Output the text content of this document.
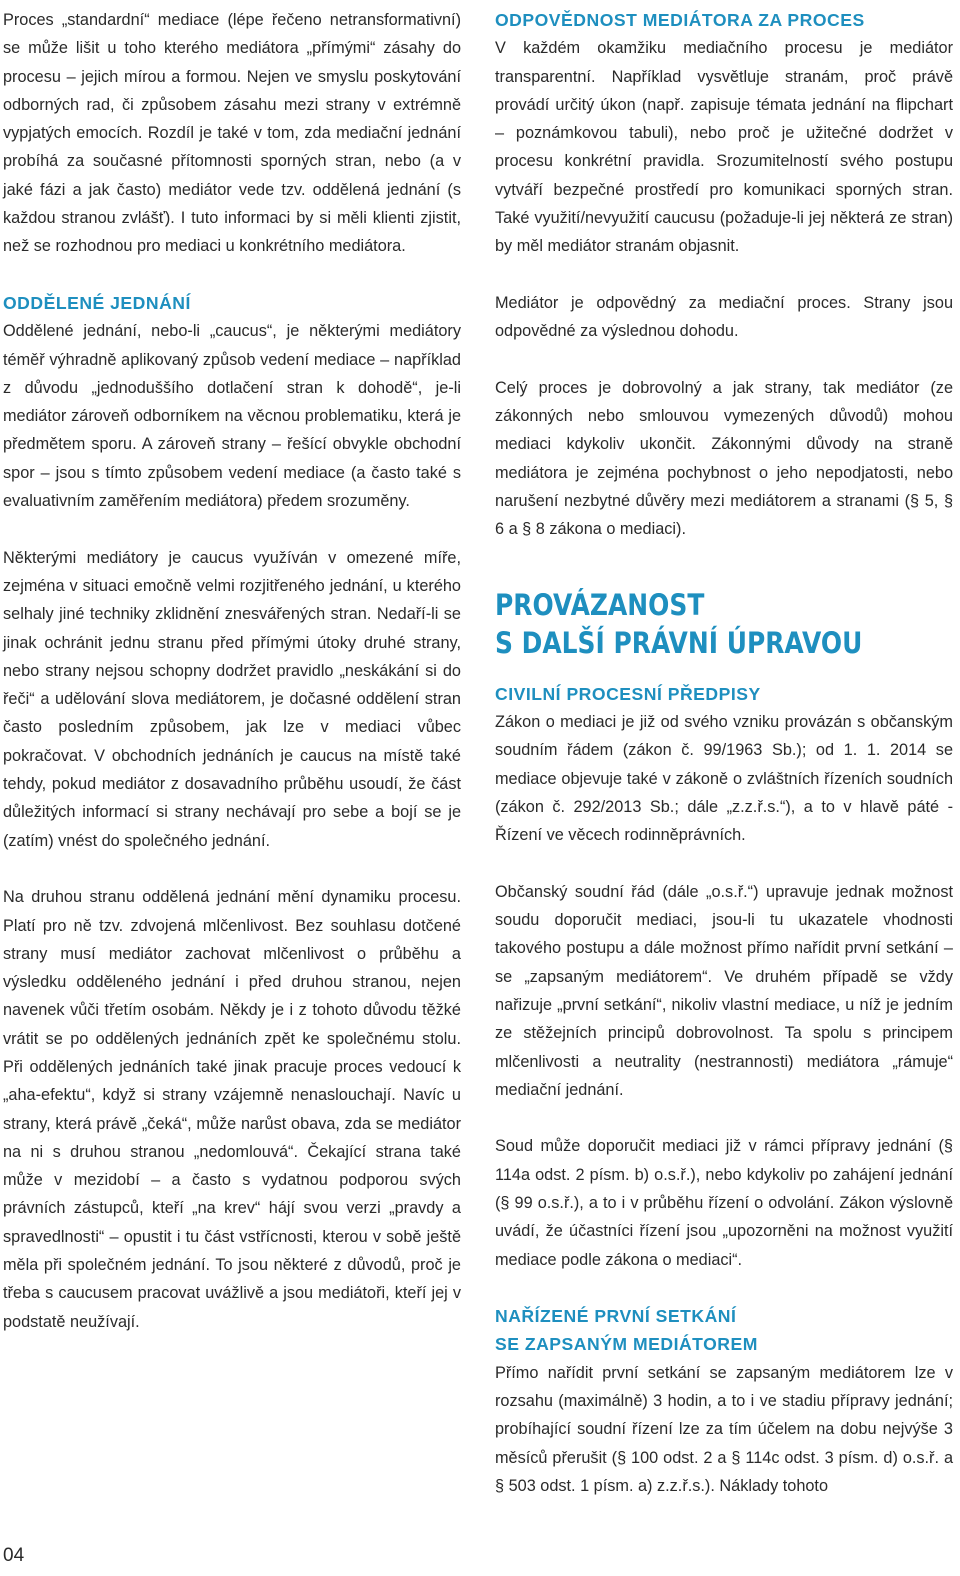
Proces „standardní“ mediace (lépe řečeno netransformativní) se může lišit u toho kterého mediátora „přímými“ zásahy do procesu – jejich mírou a formou. Nejen ve smyslu poskytování odborných rad, či způsobem zásahu mezi strany v extrémně vypjatých emocích. Rozdíl je také v tom, zda mediační jednání probíhá za současné přítomnosti sporných stran, nebo (a v jaké fázi a jak často) mediátor vede tzv. oddělená jednání (s každou stranou zvlášť). I tuto informaci by si měli klienti zjistit, než se rozhodnou pro mediaci u konkrétního mediátora.

ODDĚLENÉ JEDNÁNÍ

Oddělené jednání, nebo-li „caucus“, je některými mediátory téměř výhradně aplikovaný způsob vedení mediace – například z důvodu „jednoduššího dotlačení stran k dohodě“, je-li mediátor zároveň odborníkem na věcnou problematiku, která je předmětem sporu. A zároveň strany – řešící obvykle obchodní spor – jsou s tímto způsobem vedení mediace (a často také s evaluativním zaměřením mediátora) předem srozuměny.

Některými mediátory je caucus využíván v omezené míře, zejména v situaci emočně velmi rozjitřeného jednání, u kterého selhaly jiné techniky zklidnění znesvářených stran. Nedaří-li se jinak ochránit jednu stranu před přímými útoky druhé strany, nebo strany nejsou schopny dodržet pravidlo „neskákání si do řeči“ a udělování slova mediátorem, je dočasné oddělení stran často posledním způsobem, jak lze v mediaci vůbec pokračovat. V obchodních jednáních je caucus na místě také tehdy, pokud mediátor z dosavadního průběhu usoudí, že část důležitých informací si strany nechávají pro sebe a bojí se je (zatím) vnést do společného jednání.

Na druhou stranu oddělená jednání mění dynamiku procesu. Platí pro ně tzv. zdvojená mlčenlivost. Bez souhlasu dotčené strany musí mediátor zachovat mlčenlivost o průběhu a výsledku odděleného jednání i před druhou stranou, nejen navenek vůči třetím osobám. Někdy je i z tohoto důvodu těžké vrátit se po oddělených jednáních zpět ke společnému stolu. Při oddělených jednáních také jinak pracuje proces vedoucí k „aha-efektu“, když si strany vzájemně nenaslouchají. Navíc u strany, která právě „čeká“, může narůst obava, zda se mediátor na ni s druhou stranou „nedomlouvá“. Čekající strana také může v mezidobí – a často s vydatnou podporou svých právních zástupců, kteří „na krev“ hájí svou verzi „pravdy a spravedlnosti“ – opustit i tu část vstřícnosti, kterou v sobě ještě měla při společném jednání. To jsou některé z důvodů, proč je třeba s caucusem pracovat uvážlivě a jsou mediátoři, kteří jej v podstatě neužívají.

ODPOVĚDNOST MEDIÁTORA ZA PROCES

V každém okamžiku mediačního procesu je mediátor transparentní. Například vysvětluje stranám, proč právě provádí určitý úkon (např. zapisuje témata jednání na flipchart – poznámkovou tabuli), nebo proč je užitečné dodržet v procesu konkrétní pravidla. Srozumitelností svého postupu vytváří bezpečné prostředí pro komunikaci sporných stran. Také využití/nevyužití caucusu (požaduje-li jej některá ze stran) by měl mediátor stranám objasnit.

Mediátor je odpovědný za mediační proces. Strany jsou odpovědné za výslednou dohodu.

Celý proces je dobrovolný a jak strany, tak mediátor (ze zákonných nebo smlouvou vymezených důvodů) mohou mediaci kdykoliv ukončit. Zákonnými důvody na straně mediátora je zejména pochybnost o jeho nepodjatosti, nebo narušení nezbytné důvěry mezi mediátorem a stranami (§ 5, § 6 a § 8 zákona o mediaci).

PROVÁZANOST
S DALŠÍ PRÁVNÍ ÚPRAVOU
CIVILNÍ PROCESNÍ PŘEDPISY

Zákon o mediaci je již od svého vzniku provázán s občanským soudním řádem (zákon č. 99/1963 Sb.); od 1. 1. 2014 se mediace objevuje také v zákoně o zvláštních řízeních soudních (zákon č. 292/2013 Sb.; dále „z.z.ř.s.“), a to v hlavě páté - Řízení ve věcech rodinněprávních.

Občanský soudní řád (dále „o.s.ř.“) upravuje jednak možnost soudu doporučit mediaci, jsou-li tu ukazatele vhodnosti takového postupu a dále možnost přímo nařídit první setkání – se „zapsaným mediátorem“. Ve druhém případě se vždy nařizuje „první setkání“, nikoliv vlastní mediace, u níž je jedním ze stěžejních principů dobrovolnost. Ta spolu s principem mlčenlivosti a neutrality (nestrannosti) mediátora „rámuje“ mediační jednání.

Soud může doporučit mediaci již v rámci přípravy jednání (§ 114a odst. 2 písm. b) o.s.ř.), nebo kdykoliv po zahájení jednání (§ 99 o.s.ř.), a to i v průběhu řízení o odvolání. Zákon výslovně uvádí, že účastníci řízení jsou „upozorněni na možnost využití mediace podle zákona o mediaci“.

NAŘÍZENÉ PRVNÍ SETKÁNÍ
SE ZAPSANÝM MEDIÁTOREM

Přímo nařídit první setkání se zapsaným mediátorem lze v rozsahu (maximálně) 3 hodin, a to i ve stadiu přípravy jednání; probíhající soudní řízení lze za tím účelem na dobu nejvýše 3 měsíců přerušit (§ 100 odst. 2 a § 114c odst. 3 písm. d) o.s.ř. a § 503 odst. 1 písm. a) z.z.ř.s.). Náklady tohoto

04
